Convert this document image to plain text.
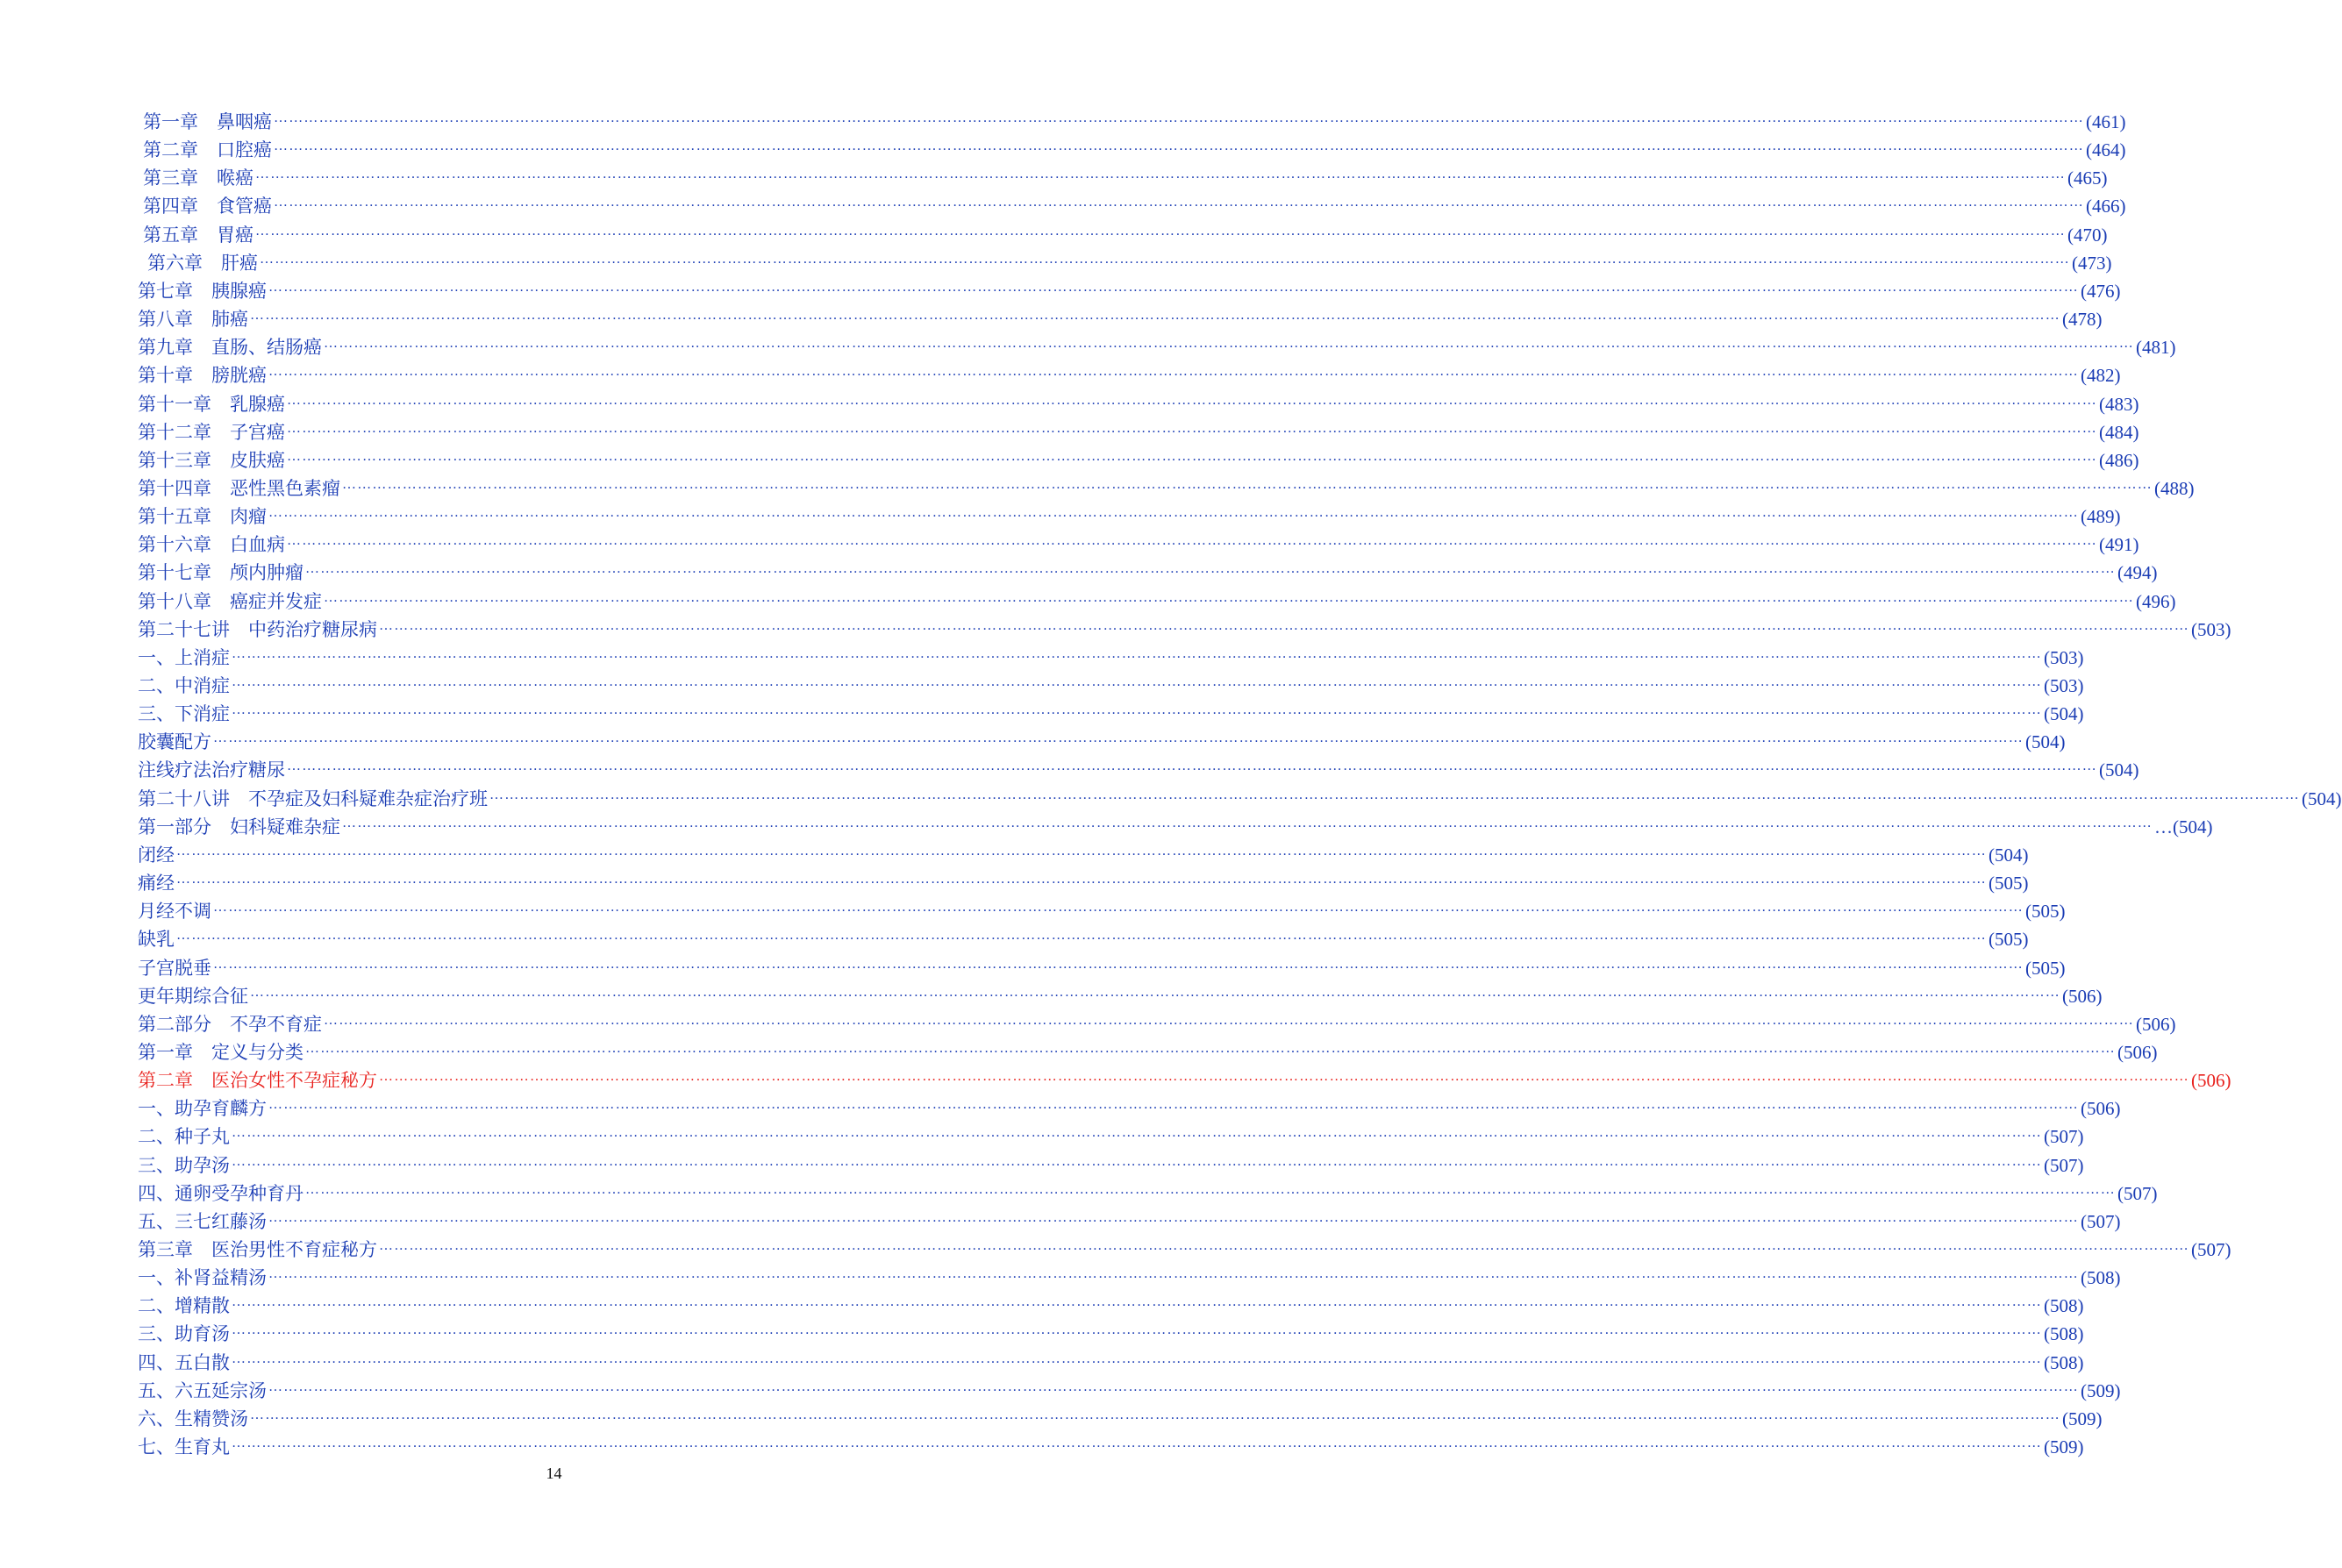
第一章　鼻咽癌 ……………………………………………………………………………………………………………………………………………………………………………………………………………………………………………………………………………………………………………………………… (461)
第二章　口腔癌 ……………………………………………………………………………………………………………………………………………………………………………………………………………………………………………………………………………………………………………………………… (464)
第三章　喉癌 ……………………………………………………………………………………………………………………………………………………………………………………………………………………………………………………………………………………………………………………………… (465)
第四章　食管癌 ……………………………………………………………………………………………………………………………………………………………………………………………………………………………………………………………………………………………………………………………… (466)
第五章　胃癌 ……………………………………………………………………………………………………………………………………………………………………………………………………………………………………………………………………………………………………………………………… (470)
第六章　肝癌 ……………………………………………………………………………………………………………………………………………………………………………………………………………………………………………………………………………………………………………………………… (473)
第七章　胰腺癌 ……………………………………………………………………………………………………………………………………………………………………………………………………………………………………………………………………………………………………………………………… (476)
第八章　肺癌 ……………………………………………………………………………………………………………………………………………………………………………………………………………………………………………………………………………………………………………………………… (478)
第九章　直肠、结肠癌 ……………………………………………………………………………………………………………………………………………………………………………………………………………………………………………………………………………………………………………………………… (481)
第十章　膀胱癌 ……………………………………………………………………………………………………………………………………………………………………………………………………………………………………………………………………………………………………………………………… (482)
第十一章　乳腺癌 ……………………………………………………………………………………………………………………………………………………………………………………………………………………………………………………………………………………………………………………………… (483)
第十二章　子宫癌 ……………………………………………………………………………………………………………………………………………………………………………………………………………………………………………………………………………………………………………………………… (484)
第十三章　皮肤癌 ……………………………………………………………………………………………………………………………………………………………………………………………………………………………………………………………………………………………………………………………… (486)
第十四章　恶性黑色素瘤 ……………………………………………………………………………………………………………………………………………………………………………………………………………………………………………………………………………………………………………………………… (488)
第十五章　肉瘤 ……………………………………………………………………………………………………………………………………………………………………………………………………………………………………………………………………………………………………………………………… (489)
第十六章　白血病 ……………………………………………………………………………………………………………………………………………………………………………………………………………………………………………………………………………………………………………………………… (491)
第十七章　颅内肿瘤 ……………………………………………………………………………………………………………………………………………………………………………………………………………………………………………………………………………………………………………………………… (494)
第十八章　癌症并发症 ……………………………………………………………………………………………………………………………………………………………………………………………………………………………………………………………………………………………………………………………… (496)
第二十七讲　中药治疗糖尿病 ……………………………………………………………………………………………………………………………………………………………………………………………………………………………………………………………………………………………………………………………… (503)
一、上消症 ……………………………………………………………………………………………………………………………………………………………………………………………………………………………………………………………………………………………………………………………… (503)
二、中消症 ……………………………………………………………………………………………………………………………………………………………………………………………………………………………………………………………………………………………………………………………… (503)
三、下消症 ……………………………………………………………………………………………………………………………………………………………………………………………………………………………………………………………………………………………………………………………… (504)
胶囊配方 ……………………………………………………………………………………………………………………………………………………………………………………………………………………………………………………………………………………………………………………………… (504)
注线疗法治疗糖尿 ……………………………………………………………………………………………………………………………………………………………………………………………………………………………………………………………………………………………………………………………… (504)
第二十八讲　不孕症及妇科疑难杂症治疗班 ……………………………………………………………………………………………………………………………………………………………………………………………………………………………………………………………………………………………………………………………… (504)
第一部分　妇科疑难杂症 ……………………………………………………………………………………………………………………………………………………………………………………………………………………………………………………………………………………………………………………………… …(504)
闭经 ……………………………………………………………………………………………………………………………………………………………………………………………………………………………………………………………………………………………………………………………… (504)
痛经 ……………………………………………………………………………………………………………………………………………………………………………………………………………………………………………………………………………………………………………………………… (505)
月经不调 ……………………………………………………………………………………………………………………………………………………………………………………………………………………………………………………………………………………………………………………………… (505)
缺乳 ……………………………………………………………………………………………………………………………………………………………………………………………………………………………………………………………………………………………………………………………… (505)
子宫脱垂 ……………………………………………………………………………………………………………………………………………………………………………………………………………………………………………………………………………………………………………………………… (505)
更年期综合征 ……………………………………………………………………………………………………………………………………………………………………………………………………………………………………………………………………………………………………………………………… (506)
第二部分　不孕不育症 ……………………………………………………………………………………………………………………………………………………………………………………………………………………………………………………………………………………………………………………………… (506)
第一章　定义与分类 ……………………………………………………………………………………………………………………………………………………………………………………………………………………………………………………………………………………………………………………………… (506)
第二章　医治女性不孕症秘方 ……………………………………………………………………………………………………………………………………………………………………………………………………………………………………………………………………………………………………………………………… (506)
一、助孕育麟方 ……………………………………………………………………………………………………………………………………………………………………………………………………………………………………………………………………………………………………………………………… (506)
二、种子丸 ……………………………………………………………………………………………………………………………………………………………………………………………………………………………………………………………………………………………………………………………… (507)
三、助孕汤 ……………………………………………………………………………………………………………………………………………………………………………………………………………………………………………………………………………………………………………………………… (507)
四、通卵受孕种育丹 ……………………………………………………………………………………………………………………………………………………………………………………………………………………………………………………………………………………………………………………………… (507)
五、三七红藤汤 ……………………………………………………………………………………………………………………………………………………………………………………………………………………………………………………………………………………………………………………………… (507)
第三章　医治男性不育症秘方 ……………………………………………………………………………………………………………………………………………………………………………………………………………………………………………………………………………………………………………………………… (507)
一、补肾益精汤 ……………………………………………………………………………………………………………………………………………………………………………………………………………………………………………………………………………………………………………………………… (508)
二、增精散 ……………………………………………………………………………………………………………………………………………………………………………………………………………………………………………………………………………………………………………………………… (508)
三、助育汤 ……………………………………………………………………………………………………………………………………………………………………………………………………………………………………………………………………………………………………………………………… (508)
四、五白散 ……………………………………………………………………………………………………………………………………………………………………………………………………………………………………………………………………………………………………………………………… (508)
五、六五延宗汤 ……………………………………………………………………………………………………………………………………………………………………………………………………………………………………………………………………………………………………………………………… (509)
六、生精赞汤 ……………………………………………………………………………………………………………………………………………………………………………………………………………………………………………………………………………………………………………………………… (509)
七、生育丸 ……………………………………………………………………………………………………………………………………………………………………………………………………………………………………………………………………………………………………………………………… (509)
14
